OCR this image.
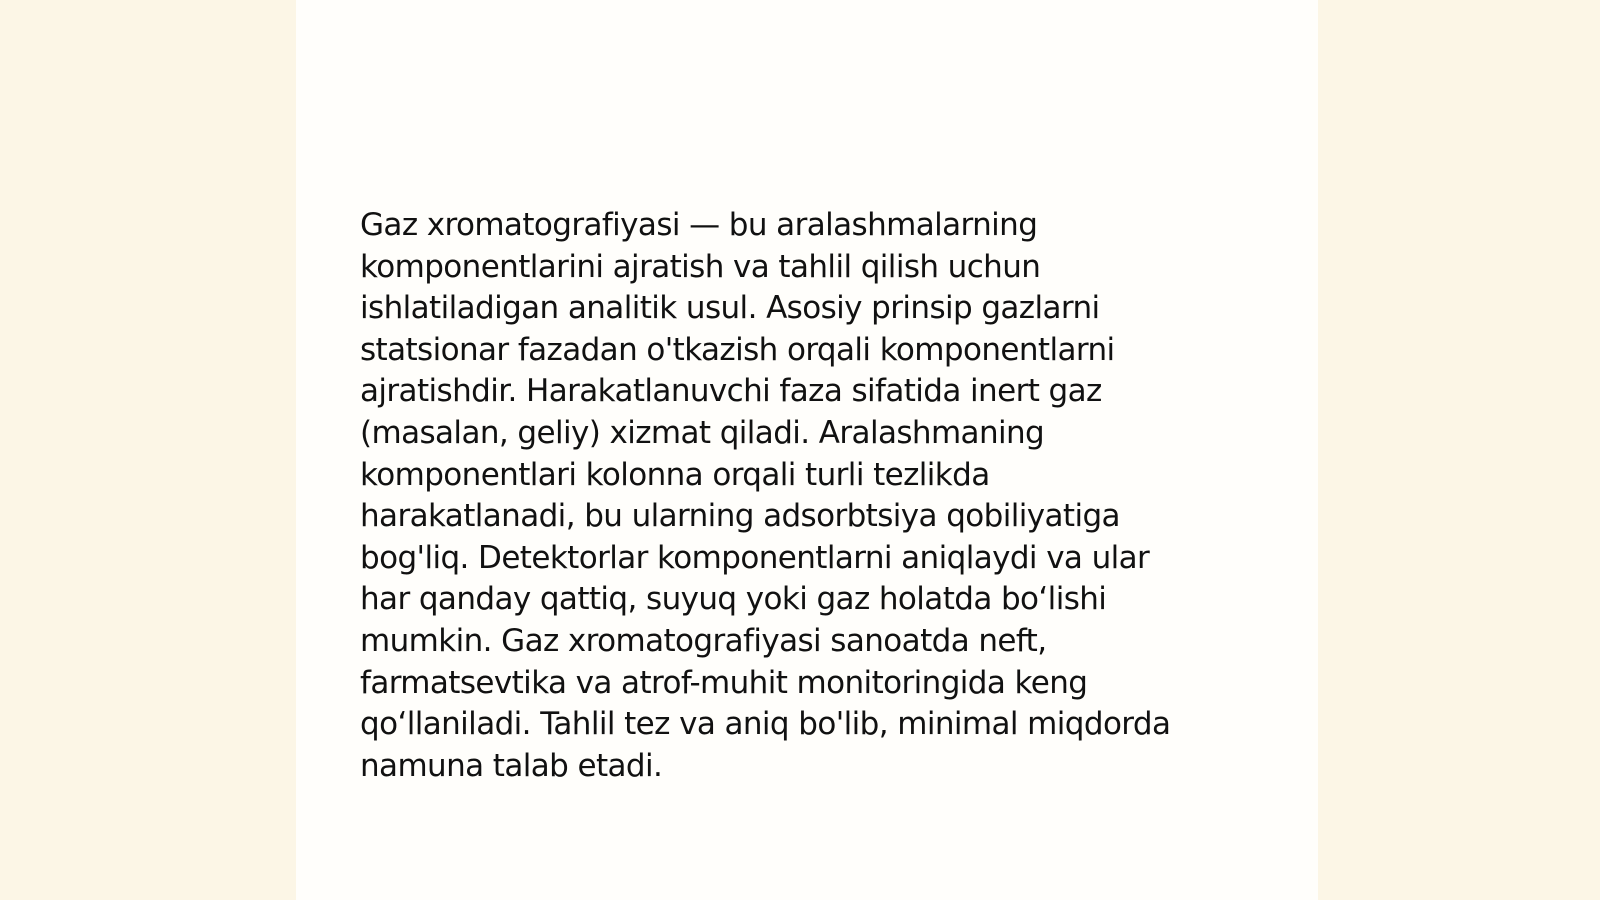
Gaz xromatografiyasi — bu aralashmalarning
komponentlarini ajratish va tahlil qilish uchun
ishlatiladigan analitik usul. Asosiy prinsip gazlarni
statsionar fazadan o'tkazish orqali komponentlarni
ajratishdir. Harakatlanuvchi faza sifatida inert gaz
(masalan, geliy) xizmat qiladi. Aralashmaning
komponentlari kolonna orqali turli tezlikda
harakatlanadi, bu ularning adsorbtsiya qobiliyatiga
bog'liq. Detektorlar komponentlarni aniqlaydi va ular
har qanday qattiq, suyuq yoki gaz holatda bo‘lishi
mumkin. Gaz xromatografiyasi sanoatda neft,
farmatsevtika va atrof-muhit monitoringida keng
qo‘llaniladi. Tahlil tez va aniq bo'lib, minimal miqdorda
namuna talab etadi.
